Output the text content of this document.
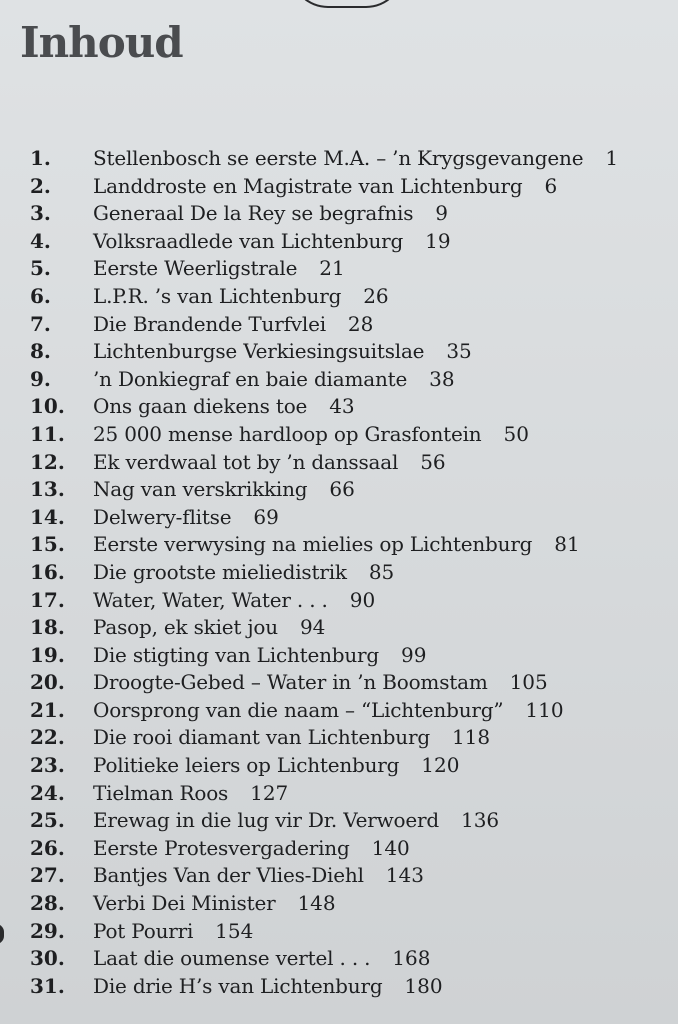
Inhoud
1. Stellenbosch se eerste M.A. – ’n Krygsgevangene 1
2. Landdroste en Magistrate van Lichtenburg 6
3. Generaal De la Rey se begrafnis 9
4. Volksraadlede van Lichtenburg 19
5. Eerste Weerligstrale 21
6. L.P.R. ’s van Lichtenburg 26
7. Die Brandende Turfvlei 28
8. Lichtenburgse Verkiesingsuitslae 35
9. ’n Donkiegraf en baie diamante 38
10. Ons gaan diekens toe 43
11. 25 000 mense hardloop op Grasfontein 50
12. Ek verdwaal tot by ’n danssaal 56
13. Nag van verskrikking 66
14. Delwery-flitse 69
15. Eerste verwysing na mielies op Lichtenburg 81
16. Die grootste mieliedistrik 85
17. Water, Water, Water . . . 90
18. Pasop, ek skiet jou 94
19. Die stigting van Lichtenburg 99
20. Droogte-Gebed – Water in ’n Boomstam 105
21. Oorsprong van die naam – “Lichtenburg” 110
22. Die rooi diamant van Lichtenburg 118
23. Politieke leiers op Lichtenburg 120
24. Tielman Roos 127
25. Erewag in die lug vir Dr. Verwoerd 136
26. Eerste Protesvergadering 140
27. Bantjes Van der Vlies-Diehl 143
28. Verbi Dei Minister 148
29. Pot Pourri 154
30. Laat die oumense vertel . . . 168
31. Die drie H’s van Lichtenburg 180
